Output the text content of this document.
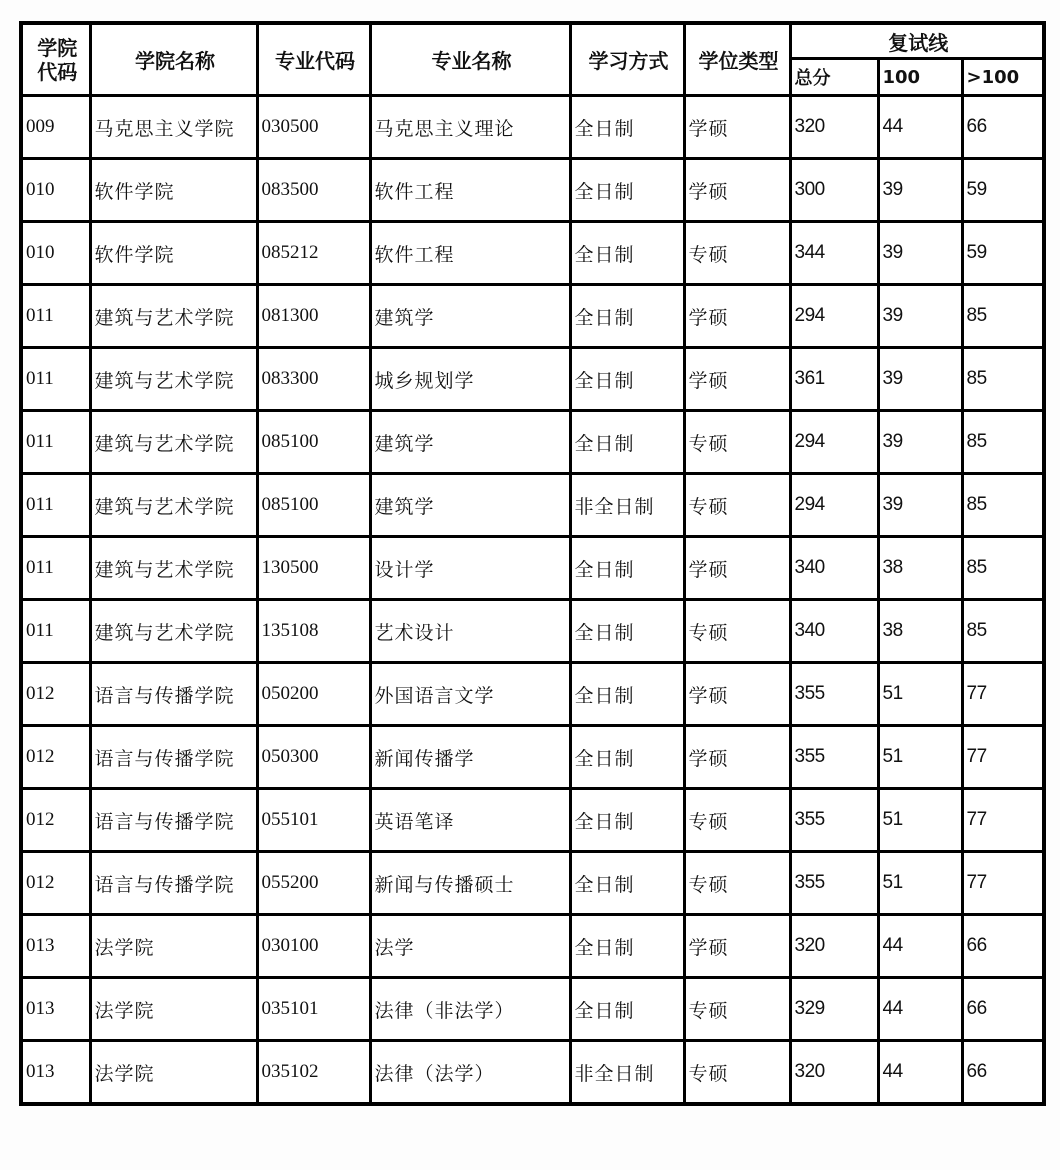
学院
代码	学院名称	专业代码	专业名称	学习方式	学位类型	复试线		
						总分	100	>100
009	马克思主义学院	030500	马克思主义理论	全日制	学硕	320	44	66
010	软件学院	083500	软件工程	全日制	学硕	300	39	59
010	软件学院	085212	软件工程	全日制	专硕	344	39	59
011	建筑与艺术学院	081300	建筑学	全日制	学硕	294	39	85
011	建筑与艺术学院	083300	城乡规划学	全日制	学硕	361	39	85
011	建筑与艺术学院	085100	建筑学	全日制	专硕	294	39	85
011	建筑与艺术学院	085100	建筑学	非全日制	专硕	294	39	85
011	建筑与艺术学院	130500	设计学	全日制	学硕	340	38	85
011	建筑与艺术学院	135108	艺术设计	全日制	专硕	340	38	85
012	语言与传播学院	050200	外国语言文学	全日制	学硕	355	51	77
012	语言与传播学院	050300	新闻传播学	全日制	学硕	355	51	77
012	语言与传播学院	055101	英语笔译	全日制	专硕	355	51	77
012	语言与传播学院	055200	新闻与传播硕士	全日制	专硕	355	51	77
013	法学院	030100	法学	全日制	学硕	320	44	66
013	法学院	035101	法律（非法学）	全日制	专硕	329	44	66
013	法学院	035102	法律（法学）	非全日制	专硕	320	44	66
